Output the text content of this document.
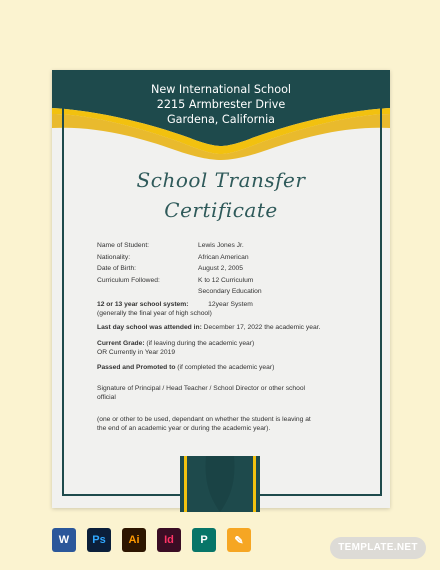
New International School
2215 Armbrester Drive
Gardena, California
School Transfer
Certificate
Name of Student:
Nationality:
Date of Birth:
Curriculum Followed:
Lewis Jones Jr.
African American
August 2, 2005
K to 12 Curriculum
Secondary Education
12 or 13 year school system:	12year System
(generally the final year of high school)
Last day school was attended in: December 17, 2022 the academic year.
Current Grade: (if leaving during the academic year)
OR Currently in Year 2019
Passed and Promoted to (if completed the academic year)
Signature of Principal / Head Teacher / School Director or other school
official
(one or other to be used, dependant on whether the student is leaving at
the end of an academic year or during the academic year).
W Ps Ai Id P ✎
TEMPLATE.NET
